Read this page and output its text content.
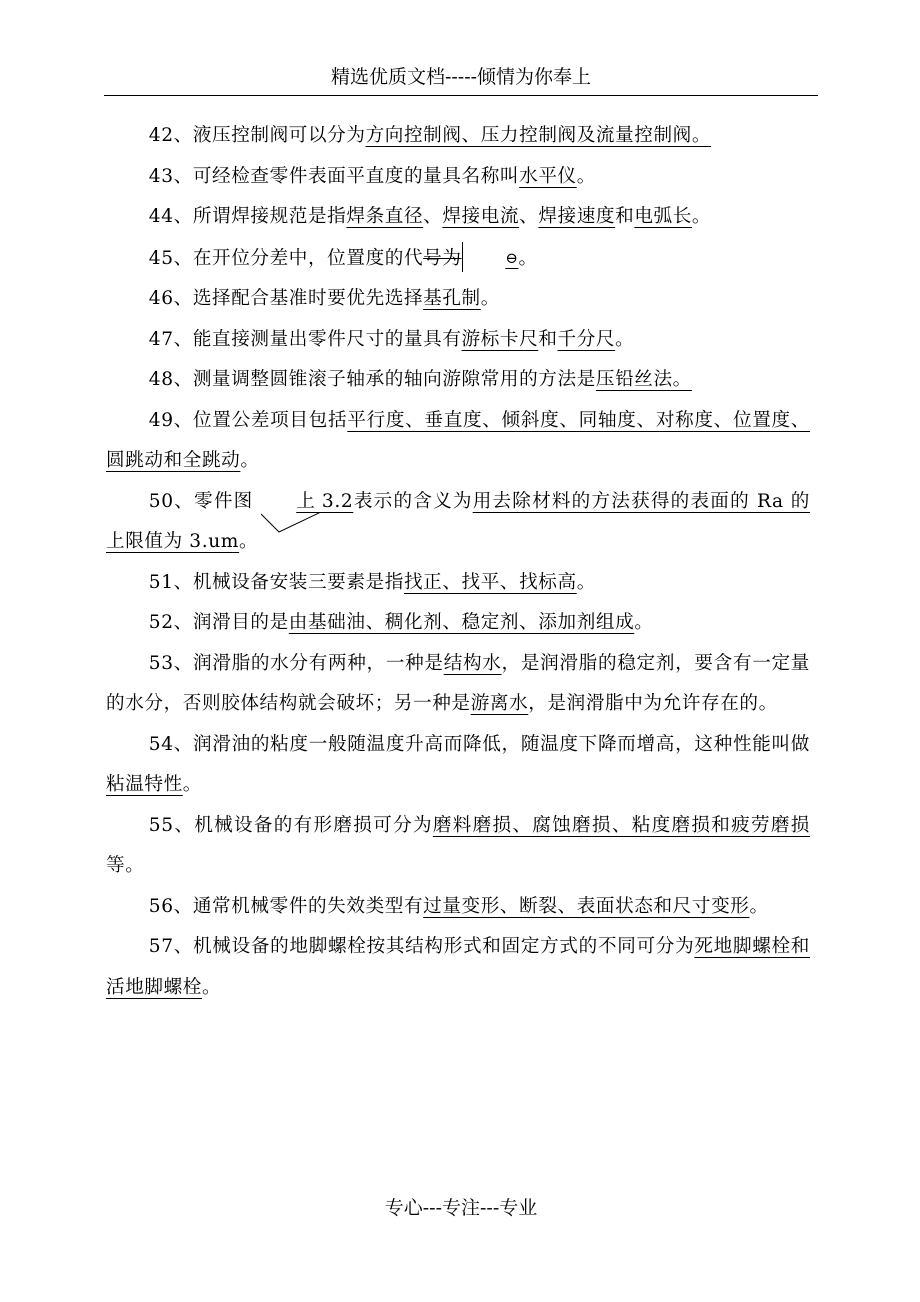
精选优质文档-----倾情为你奉上

42、液压控制阀可以分为方向控制阀、压力控制阀及流量控制阀。

43、可经检查零件表面平直度的量具名称叫水平仪。

44、所谓焊接规范是指焊条直径、焊接电流、焊接速度和电弧长。

45、在开位分差中，位置度的代号为	⊖。

46、选择配合基准时要优先选择基孔制。

47、能直接测量出零件尺寸的量具有游标卡尺和千分尺。

48、测量调整圆锥滚子轴承的轴向游隙常用的方法是压铅丝法。

49、位置公差项目包括平行度、垂直度、倾斜度、同轴度、对称度、位置度、圆跳动和全跳动。

50、零件图 上 3.2
表示的含义为用去除材料的方法获得的表面的 Ra 的上限值为 3.um。

51、机械设备安装三要素是指找正、找平、找标高。

52、润滑目的是由基础油、稠化剂、稳定剂、添加剂组成。

53、润滑脂的水分有两种，一种是结构水，是润滑脂的稳定剂，要含有一定量的水分，否则胶体结构就会破坏；另一种是游离水，是润滑脂中为允许存在的。

54、润滑油的粘度一般随温度升高而降低，随温度下降而增高，这种性能叫做粘温特性。

55、机械设备的有形磨损可分为磨料磨损、腐蚀磨损、粘度磨损和疲劳磨损等。

56、通常机械零件的失效类型有过量变形、断裂、表面状态和尺寸变形。

57、机械设备的地脚螺栓按其结构形式和固定方式的不同可分为死地脚螺栓和活地脚螺栓。

专心---专注---专业
